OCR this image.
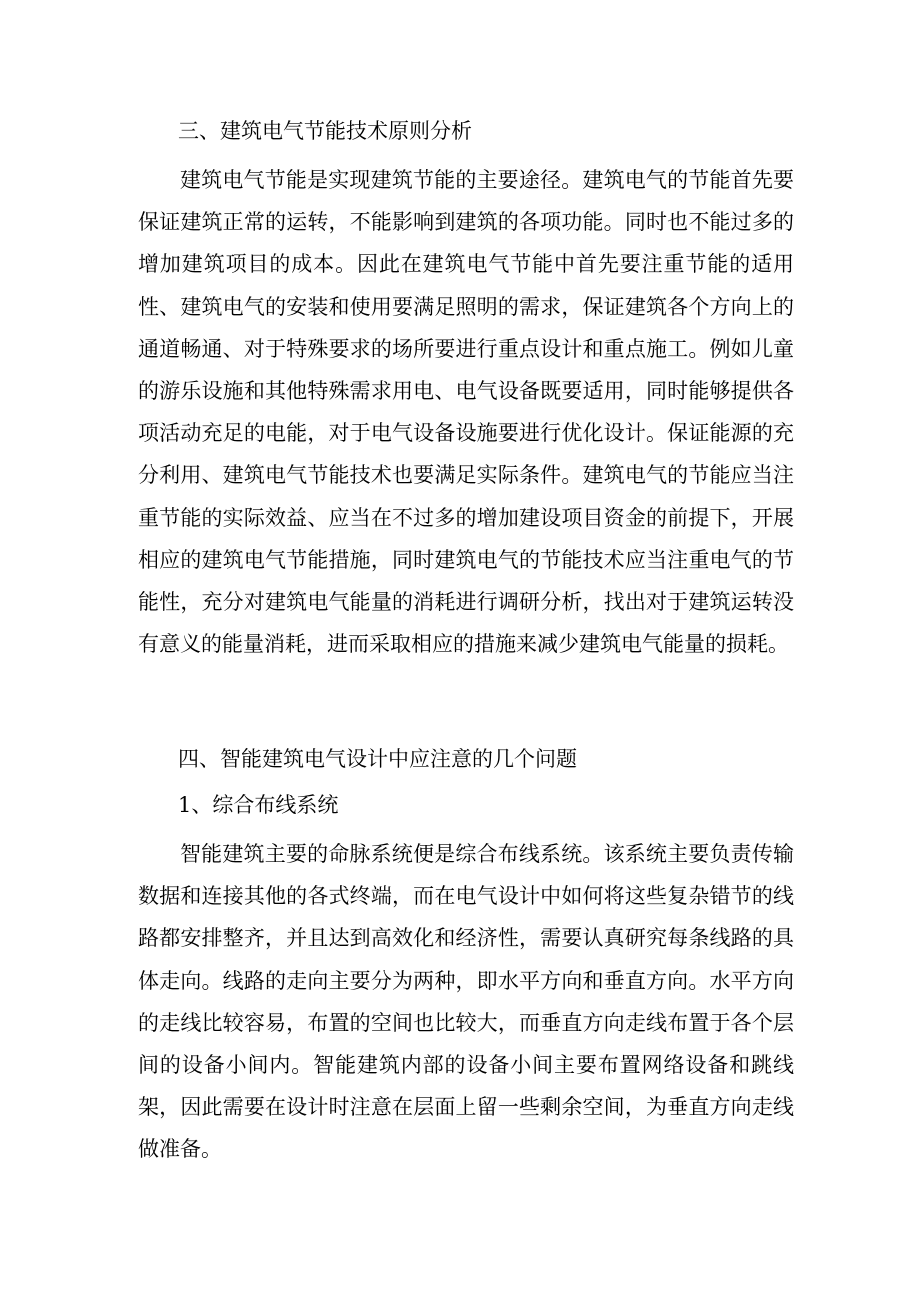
三、建筑电气节能技术原则分析

建筑电气节能是实现建筑节能的主要途径。建筑电气的节能首先要保证建筑正常的运转，不能影响到建筑的各项功能。同时也不能过多的增加建筑项目的成本。因此在建筑电气节能中首先要注重节能的适用性、建筑电气的安装和使用要满足照明的需求，保证建筑各个方向上的通道畅通、对于特殊要求的场所要进行重点设计和重点施工。例如儿童的游乐设施和其他特殊需求用电、电气设备既要适用，同时能够提供各项活动充足的电能，对于电气设备设施要进行优化设计。保证能源的充分利用、建筑电气节能技术也要满足实际条件。建筑电气的节能应当注重节能的实际效益、应当在不过多的增加建设项目资金的前提下，开展相应的建筑电气节能措施，同时建筑电气的节能技术应当注重电气的节能性，充分对建筑电气能量的消耗进行调研分析，找出对于建筑运转没有意义的能量消耗，进而采取相应的措施来减少建筑电气能量的损耗。

四、智能建筑电气设计中应注意的几个问题
1、综合布线系统

智能建筑主要的命脉系统便是综合布线系统。该系统主要负责传输数据和连接其他的各式终端，而在电气设计中如何将这些复杂错节的线路都安排整齐，并且达到高效化和经济性，需要认真研究每条线路的具体走向。线路的走向主要分为两种，即水平方向和垂直方向。水平方向的走线比较容易，布置的空间也比较大，而垂直方向走线布置于各个层间的设备小间内。智能建筑内部的设备小间主要布置网络设备和跳线架，因此需要在设计时注意在层面上留一些剩余空间，为垂直方向走线做准备。
